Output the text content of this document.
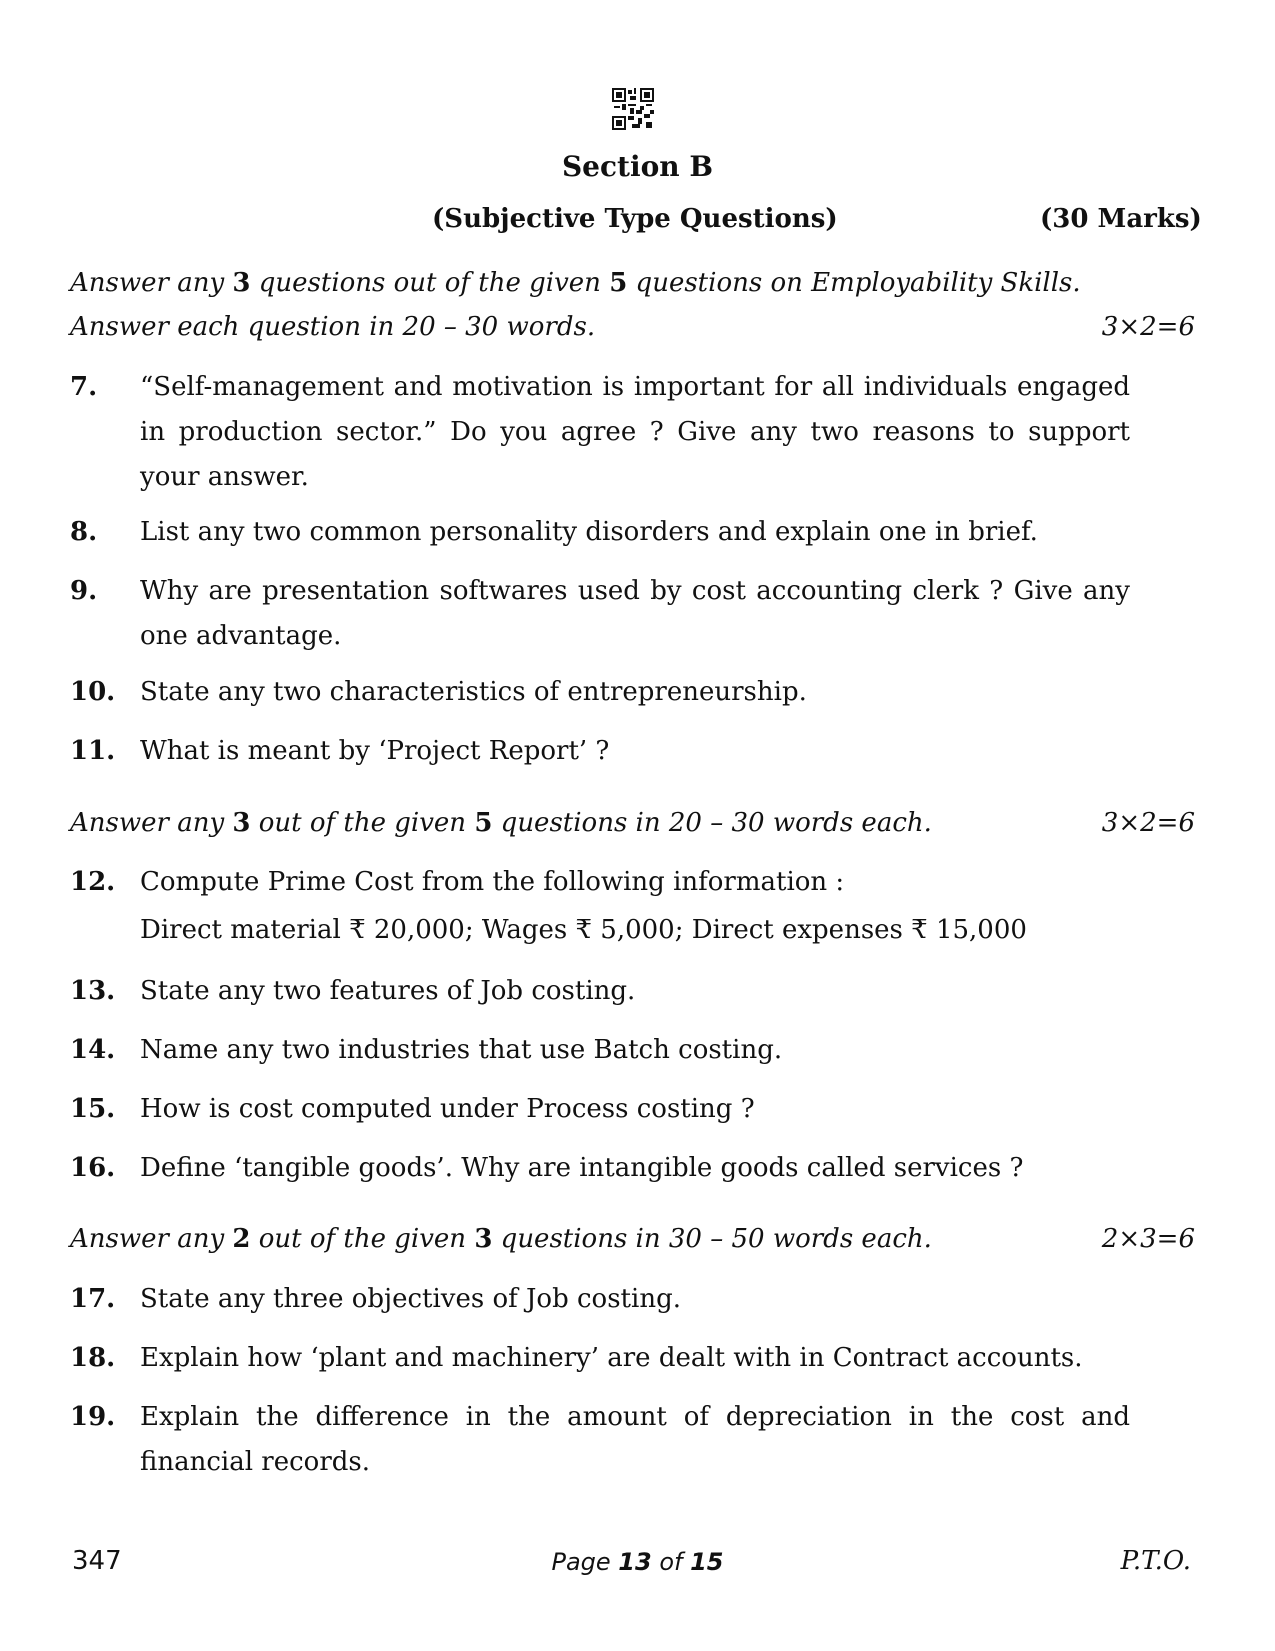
Section B
(Subjective Type Questions)	(30 Marks)
Answer any 3 questions out of the given 5 questions on Employability Skills.
Answer each question in 20 – 30 words.	3×2=6
7. “Self-management and motivation is important for all individuals engaged in production sector.” Do you agree ? Give any two reasons to support your answer.
8. List any two common personality disorders and explain one in brief.
9. Why are presentation softwares used by cost accounting clerk ? Give any one advantage.
10. State any two characteristics of entrepreneurship.
11. What is meant by ‘Project Report’ ?
Answer any 3 out of the given 5 questions in 20 – 30 words each.	3×2=6
12. Compute Prime Cost from the following information :
Direct material ₹ 20,000; Wages ₹ 5,000; Direct expenses ₹ 15,000
13. State any two features of Job costing.
14. Name any two industries that use Batch costing.
15. How is cost computed under Process costing ?
16. Define ‘tangible goods’. Why are intangible goods called services ?
Answer any 2 out of the given 3 questions in 30 – 50 words each.	2×3=6
17. State any three objectives of Job costing.
18. Explain how ‘plant and machinery’ are dealt with in Contract accounts.
19. Explain the difference in the amount of depreciation in the cost and financial records.
347	Page 13 of 15	P.T.O.
